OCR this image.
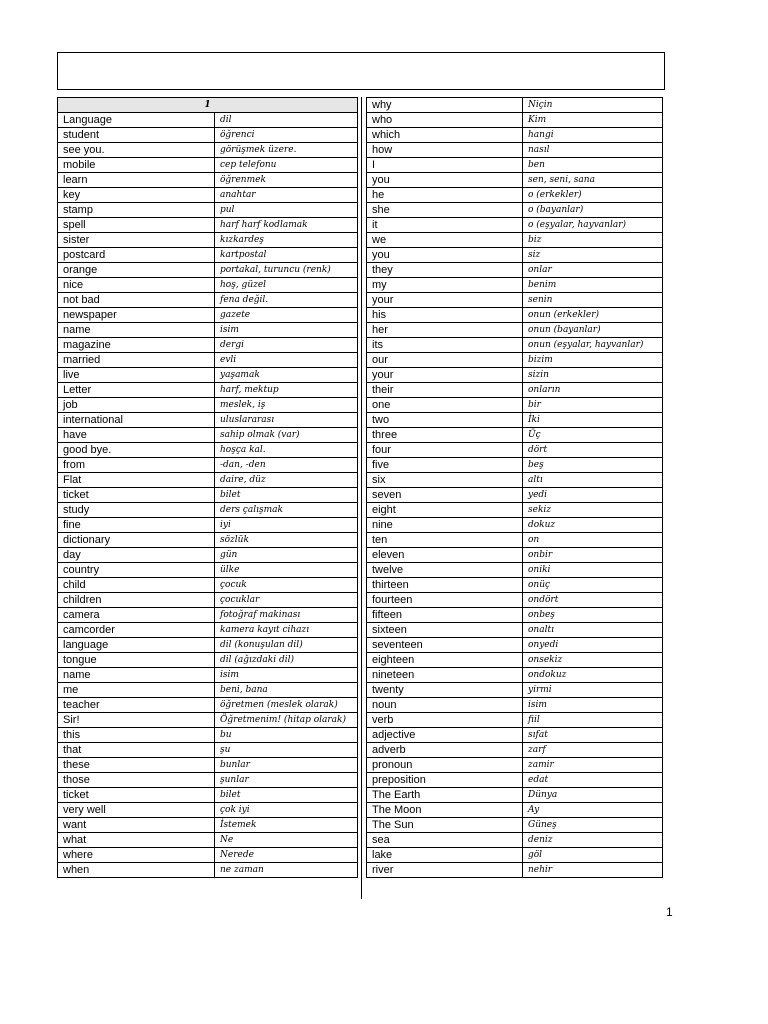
1	
Language	dil
student	öğrenci
see you.	görüşmek üzere.
mobile	cep telefonu
learn	öğrenmek
key	anahtar
stamp	pul
spell	harf harf kodlamak
sister	kızkardeş
postcard	kartpostal
orange	portakal, turuncu (renk)
nice	hoş, güzel
not bad	fena değil.
newspaper	gazete
name	isim
magazine	dergi
married	evli
live	yaşamak
Letter	harf, mektup
job	meslek, iş
international	uluslararası
have	sahip olmak (var)
good bye.	hoşça kal.
from	-dan, -den
Flat	daire, düz
ticket	bilet
study	ders çalışmak
fine	iyi
dictionary	sözlük
day	gün
country	ülke
child	çocuk
children	çocuklar
camera	fotoğraf makinası
camcorder	kamera kayıt cihazı
language	dil (konuşulan dil)
tongue	dil (ağızdaki dil)
name	isim
me	beni, bana
teacher	öğretmen (meslek olarak)
Sir!	Öğretmenim! (hitap olarak)
this	bu
that	şu
these	bunlar
those	şunlar
ticket	bilet
very well	çok iyi
want	İstemek
what	Ne
where	Nerede
when	ne zaman
why	Niçin
who	Kim
which	hangi
how	nasıl
I	ben
you	sen, seni, sana
he	o (erkekler)
she	o (bayanlar)
it	o (eşyalar, hayvanlar)
we	biz
you	siz
they	onlar
my	benim
your	senin
his	onun (erkekler)
her	onun (bayanlar)
its	onun (eşyalar, hayvanlar)
our	bizim
your	sizin
their	onların
one	bir
two	İki
three	Üç
four	dört
five	beş
six	altı
seven	yedi
eight	sekiz
nine	dokuz
ten	on
eleven	onbir
twelve	oniki
thirteen	onüç
fourteen	ondört
fifteen	onbeş
sixteen	onaltı
seventeen	onyedi
eighteen	onsekiz
nineteen	ondokuz
twenty	yirmi
noun	isim
verb	fiil
adjective	sıfat
adverb	zarf
pronoun	zamir
preposition	edat
The Earth	Dünya
The Moon	Ay
The Sun	Güneş
sea	deniz
lake	göl
river	nehir
1
